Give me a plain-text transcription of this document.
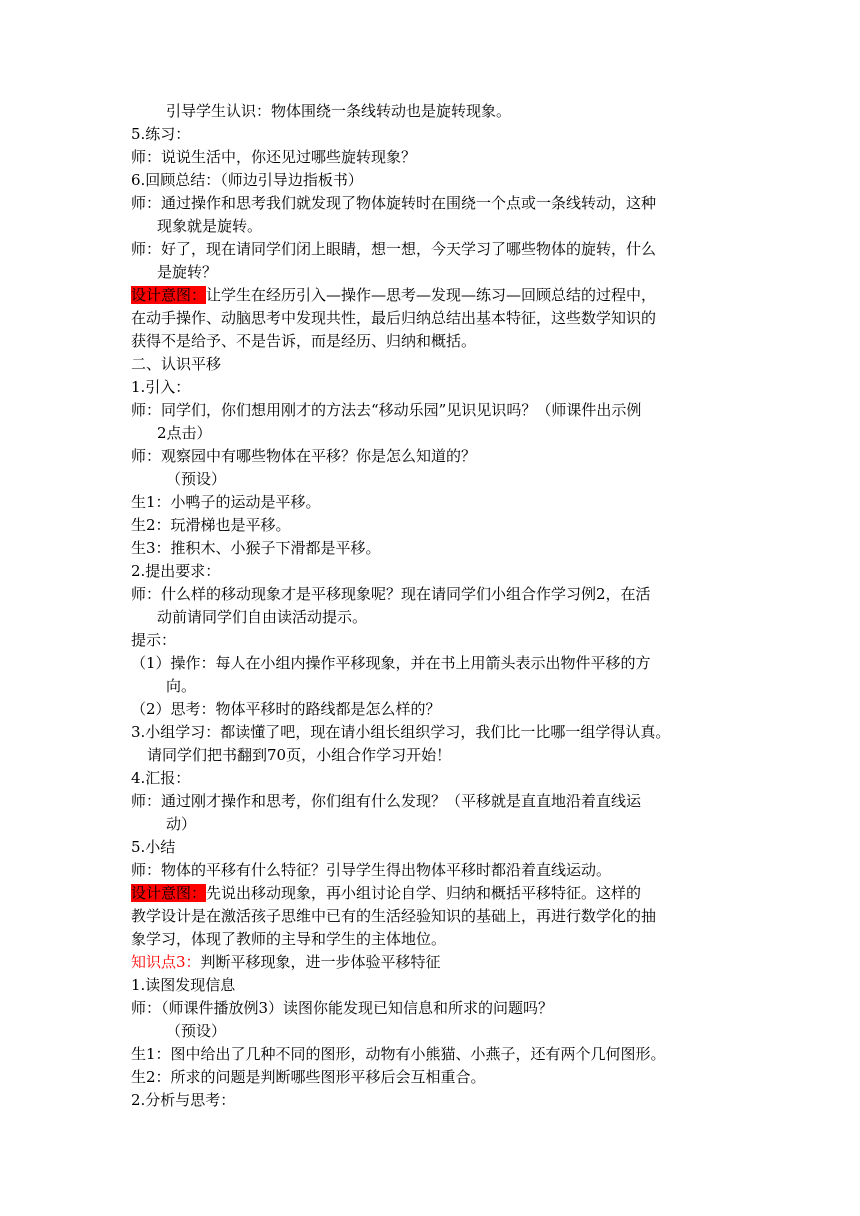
引导学生认识：物体围绕一条线转动也是旋转现象。
5.练习：
师：说说生活中，你还见过哪些旋转现象？
6.回顾总结：（师边引导边指板书）
师：通过操作和思考我们就发现了物体旋转时在围绕一个点或一条线转动，这种
现象就是旋转。
师：好了，现在请同学们闭上眼睛，想一想，今天学习了哪些物体的旋转，什么
是旋转？
设计意图：让学生在经历引入—操作—思考—发现—练习—回顾总结的过程中，
在动手操作、动脑思考中发现共性，最后归纳总结出基本特征，这些数学知识的
获得不是给予、不是告诉，而是经历、归纳和概括。
二、认识平移
1.引入：
师：同学们，你们想用刚才的方法去“移动乐园”见识见识吗？（师课件出示例
2点击）
师：观察园中有哪些物体在平移？你是怎么知道的？
（预设）
生1：小鸭子的运动是平移。
生2：玩滑梯也是平移。
生3：推积木、小猴子下滑都是平移。
2.提出要求：
师：什么样的移动现象才是平移现象呢？现在请同学们小组合作学习例2，在活
动前请同学们自由读活动提示。
提示：
（1）操作：每人在小组内操作平移现象，并在书上用箭头表示出物件平移的方
向。
（2）思考：物体平移时的路线都是怎么样的？
3.小组学习：都读懂了吧，现在请小组长组织学习，我们比一比哪一组学得认真。
请同学们把书翻到70页，小组合作学习开始！
4.汇报：
师：通过刚才操作和思考，你们组有什么发现？（平移就是直直地沿着直线运
动）
5.小结
师：物体的平移有什么特征？引导学生得出物体平移时都沿着直线运动。
设计意图：先说出移动现象，再小组讨论自学、归纳和概括平移特征。这样的
教学设计是在激活孩子思维中已有的生活经验知识的基础上，再进行数学化的抽
象学习，体现了教师的主导和学生的主体地位。
知识点3：判断平移现象，进一步体验平移特征
1.读图发现信息
师：（师课件播放例3）读图你能发现已知信息和所求的问题吗？
（预设）
生1：图中给出了几种不同的图形，动物有小熊猫、小燕子，还有两个几何图形。
生2：所求的问题是判断哪些图形平移后会互相重合。
2.分析与思考：
